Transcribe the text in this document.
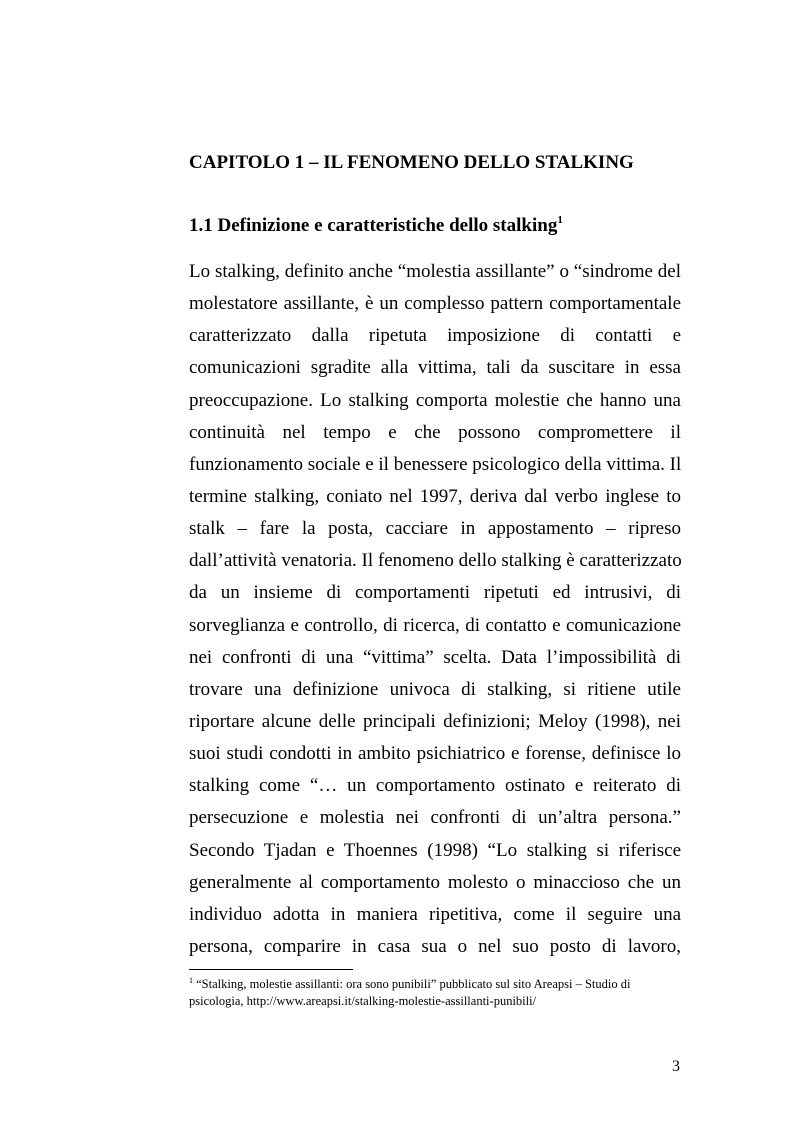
CAPITOLO 1 – IL FENOMENO DELLO STALKING
1.1 Definizione e caratteristiche dello stalking$^1$
Lo stalking, definito anche “molestia assillante” o “sindrome del
molestatore assillante, è un complesso pattern comportamentale
caratterizzato dalla ripetuta imposizione di contatti e
comunicazioni sgradite alla vittima, tali da suscitare in essa
preoccupazione. Lo stalking comporta molestie che hanno una
continuità nel tempo e che possono compromettere il
funzionamento sociale e il benessere psicologico della vittima. Il
termine stalking, coniato nel 1997, deriva dal verbo inglese to
stalk – fare la posta, cacciare in appostamento – ripreso
dall’attività venatoria. Il fenomeno dello stalking è caratterizzato
da un insieme di comportamenti ripetuti ed intrusivi, di
sorveglianza e controllo, di ricerca, di contatto e comunicazione
nei confronti di una “vittima” scelta. Data l’impossibilità di
trovare una definizione univoca di stalking, si ritiene utile
riportare alcune delle principali definizioni; Meloy (1998), nei
suoi studi condotti in ambito psichiatrico e forense, definisce lo
stalking come “… un comportamento ostinato e reiterato di
persecuzione e molestia nei confronti di un’altra persona.”
Secondo Tjadan e Thoennes (1998) “Lo stalking si riferisce
generalmente al comportamento molesto o minaccioso che un
individuo adotta in maniera ripetitiva, come il seguire una
persona, comparire in casa sua o nel suo posto di lavoro,
$^1$ “Stalking, molestie assillanti: ora sono punibili” pubblicato sul sito Areapsi – Studio di
psicologia, http://www.areapsi.it/stalking-molestie-assillanti-punibili/
3
